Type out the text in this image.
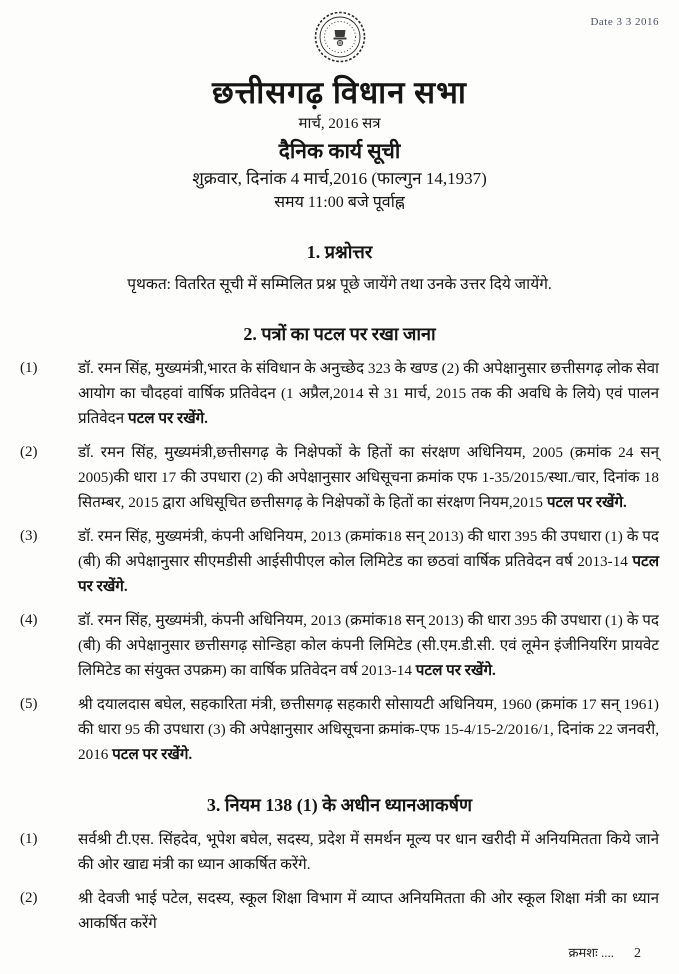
Date 3 3 2016
छत्तीसगढ़ विधान सभा
मार्च, 2016 सत्र
दैनिक कार्य सूची
शुक्रवार, दिनांक 4 मार्च,2016 (फाल्गुन 14,1937)
समय 11:00 बजे पूर्वाह्न
1. प्रश्नोत्तर
पृथकत: वितरित सूची में सम्मिलित प्रश्न पूछे जायेंगे तथा उनके उत्तर दिये जायेंगे.
2. पत्रों का पटल पर रखा जाना
(1)	डॉ. रमन सिंह, मुख्यमंत्री,भारत के संविधान के अनुच्छेद 323 के खण्ड (2) की अपेक्षानुसार छत्तीसगढ़ लोक सेवा आयोग का चौदहवां वार्षिक प्रतिवेदन (1 अप्रैल,2014 से 31 मार्च, 2015 तक की अवधि के लिये) एवं पालन प्रतिवेदन पटल पर रखेंगे.
(2)	डॉ. रमन सिंह, मुख्यमंत्री,छत्तीसगढ़ के निक्षेपकों के हितों का संरक्षण अधिनियम, 2005 (क्रमांक 24 सन् 2005)की धारा 17 की उपधारा (2) की अपेक्षानुसार अधिसूचना क्रमांक एफ 1-35/2015/स्था./चार, दिनांक 18 सितम्बर, 2015 द्वारा अधिसूचित छत्तीसगढ़ के निक्षेपकों के हितों का संरक्षण नियम,2015 पटल पर रखेंगे.
(3)	डॉ. रमन सिंह, मुख्यमंत्री, कंपनी अधिनियम, 2013 (क्रमांक18 सन् 2013) की धारा 395 की उपधारा (1) के पद (बी) की अपेक्षानुसार सीएमडीसी आईसीपीएल कोल लिमिटेड का छठवां वार्षिक प्रतिवेदन वर्ष 2013-14 पटल पर रखेंगे.
(4)	डॉ. रमन सिंह, मुख्यमंत्री, कंपनी अधिनियम, 2013 (क्रमांक18 सन् 2013) की धारा 395 की उपधारा (1) के पद (बी) की अपेक्षानुसार छत्तीसगढ़ सोन्डिहा कोल कंपनी लिमिटेड (सी.एम.डी.सी. एवं लूमेन इंजीनियरिंग प्रायवेट लिमिटेड का संयुक्त उपक्रम) का वार्षिक प्रतिवेदन वर्ष 2013-14 पटल पर रखेंगे.
(5)	श्री दयालदास बघेल, सहकारिता मंत्री, छत्तीसगढ़ सहकारी सोसायटी अधिनियम, 1960 (क्रमांक 17 सन् 1961) की धारा 95 की उपधारा (3) की अपेक्षानुसार अधिसूचना क्रमांक-एफ 15-4/15-2/2016/1, दिनांक 22 जनवरी, 2016 पटल पर रखेंगे.
3. नियम 138 (1) के अधीन ध्यानआकर्षण
(1)	सर्वश्री टी.एस. सिंहदेव, भूपेश बघेल, सदस्य, प्रदेश में समर्थन मूल्य पर धान खरीदी में अनियमितता किये जाने की ओर खाद्य मंत्री का ध्यान आकर्षित करेंगे.
(2)	श्री देवजी भाई पटेल, सदस्य, स्कूल शिक्षा विभाग में व्याप्त अनियमितता की ओर स्कूल शिक्षा मंत्री का ध्यान आकर्षित करेंगे
क्रमशः .... 2
